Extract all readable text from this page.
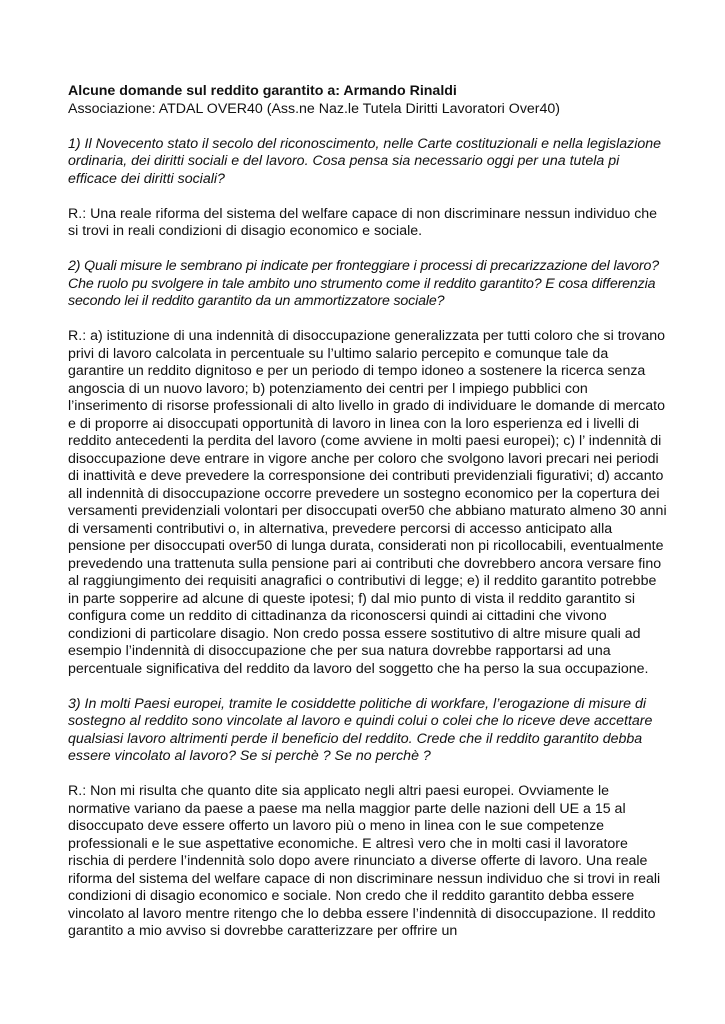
Alcune domande sul reddito garantito a: Armando Rinaldi

Associazione: ATDAL OVER40 (Ass.ne Naz.le Tutela Diritti Lavoratori Over40)

1) Il Novecento stato il secolo del riconoscimento, nelle Carte costituzionali e nella legislazione ordinaria, dei diritti sociali e del lavoro. Cosa pensa sia necessario oggi per una tutela pi efficace dei diritti sociali?

R.: Una reale riforma del sistema del welfare capace di non discriminare nessun individuo che si trovi in reali condizioni di disagio economico e sociale.

2) Quali misure le sembrano pi indicate per fronteggiare i processi di precarizzazione del lavoro? Che ruolo pu svolgere in tale ambito uno strumento come il reddito garantito? E cosa differenzia secondo lei il reddito garantito da un ammortizzatore sociale?

R.: a) istituzione di una indennità di disoccupazione generalizzata per tutti coloro che si trovano privi di lavoro calcolata in percentuale su l’ultimo salario percepito e comunque tale da garantire un reddito dignitoso e per un periodo di tempo idoneo a sostenere la ricerca senza angoscia di un nuovo lavoro; b) potenziamento dei centri per l impiego pubblici con l’inserimento di risorse professionali di alto livello in grado di individuare le domande di mercato e di proporre ai disoccupati opportunità di lavoro in linea con la loro esperienza ed i livelli di reddito antecedenti la perdita del lavoro (come avviene in molti paesi europei); c) l’ indennità di disoccupazione deve entrare in vigore anche per coloro che svolgono lavori precari nei periodi di inattività e deve prevedere la corresponsione dei contributi previdenziali figurativi; d) accanto all indennità di disoccupazione occorre prevedere un sostegno economico per la copertura dei versamenti previdenziali volontari per disoccupati over50 che abbiano maturato almeno 30 anni di versamenti contributivi o, in alternativa, prevedere percorsi di accesso anticipato alla pensione per disoccupati over50 di lunga durata, considerati non pi ricollocabili, eventualmente prevedendo una trattenuta sulla pensione pari ai contributi che dovrebbero ancora versare fino al raggiungimento dei requisiti anagrafici o contributivi di legge; e) il reddito garantito potrebbe in parte sopperire ad alcune di queste ipotesi; f) dal mio punto di vista il reddito garantito si configura come un reddito di cittadinanza da riconoscersi quindi ai cittadini che vivono condizioni di particolare disagio. Non credo possa essere sostitutivo di altre misure quali ad esempio l’indennità di disoccupazione che per sua natura dovrebbe rapportarsi ad una percentuale significativa del reddito da lavoro del soggetto che ha perso la sua occupazione.

3) In molti Paesi europei, tramite le cosiddette politiche di workfare, l’erogazione di misure di sostegno al reddito sono vincolate al lavoro e quindi colui o colei che lo riceve deve accettare qualsiasi lavoro altrimenti perde il beneficio del reddito. Crede che il reddito garantito debba essere vincolato al lavoro? Se si perchè ? Se no perchè ?

R.: Non mi risulta che quanto dite sia applicato negli altri paesi europei. Ovviamente le normative variano da paese a paese ma nella maggior parte delle nazioni dell UE a 15 al disoccupato deve essere offerto un lavoro più o meno in linea con le sue competenze professionali e le sue aspettative economiche. E altresì vero che in molti casi il lavoratore rischia di perdere l’indennità solo dopo avere rinunciato a diverse offerte di lavoro. Una reale riforma del sistema del welfare capace di non discriminare nessun individuo che si trovi in reali condizioni di disagio economico e sociale. Non credo che il reddito garantito debba essere vincolato al lavoro mentre ritengo che lo debba essere l’indennità di disoccupazione. Il reddito garantito a mio avviso si dovrebbe caratterizzare per offrire un
